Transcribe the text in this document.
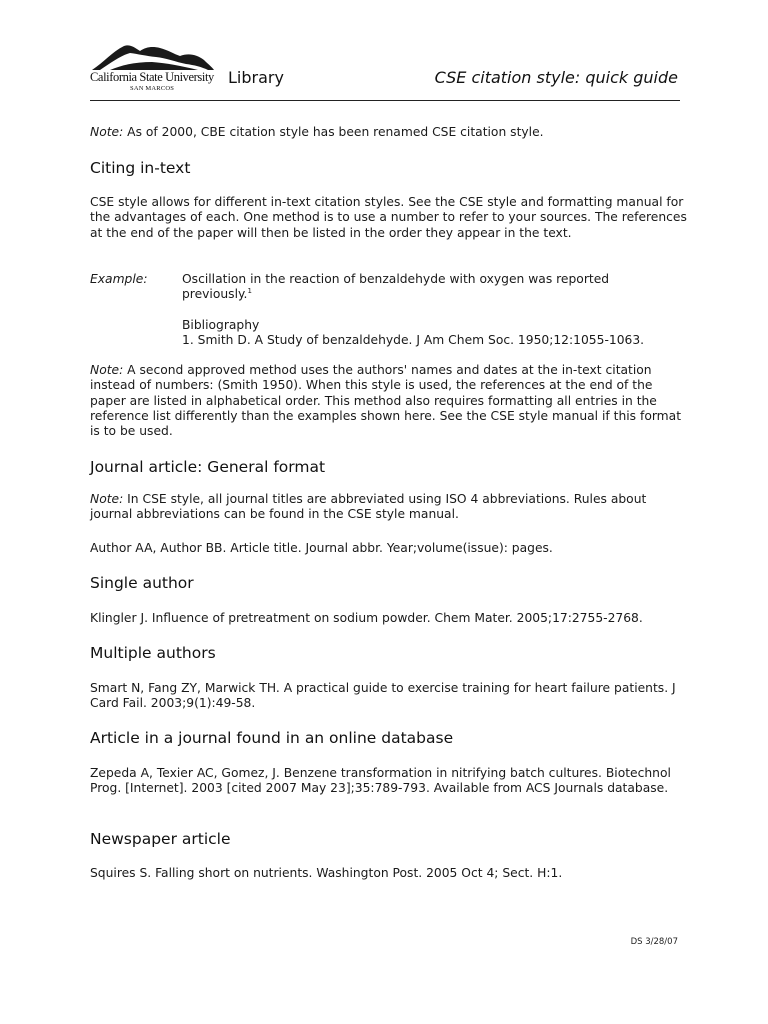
California State University
SAN MARCOS
Library	CSE citation style: quick guide

Note: As of 2000, CBE citation style has been renamed CSE citation style.

Citing in-text

CSE style allows for different in-text citation styles. See the CSE style and formatting manual for the advantages of each. One method is to use a number to refer to your sources. The references at the end of the paper will then be listed in the order they appear in the text.

Example:	Oscillation in the reaction of benzaldehyde with oxygen was reported previously.$^1$

Bibliography

1. Smith D. A Study of benzaldehyde. J Am Chem Soc. 1950;12:1055-1063.

Note: A second approved method uses the authors' names and dates at the in-text citation instead of numbers: (Smith 1950). When this style is used, the references at the end of the paper are listed in alphabetical order. This method also requires formatting all entries in the reference list differently than the examples shown here. See the CSE style manual if this format is to be used.

Journal article: General format

Note: In CSE style, all journal titles are abbreviated using ISO 4 abbreviations. Rules about journal abbreviations can be found in the CSE style manual.

Author AA, Author BB. Article title. Journal abbr. Year;volume(issue): pages.

Single author

Klingler J. Influence of pretreatment on sodium powder. Chem Mater. 2005;17:2755-2768.

Multiple authors

Smart N, Fang ZY, Marwick TH. A practical guide to exercise training for heart failure patients. J Card Fail. 2003;9(1):49-58.

Article in a journal found in an online database

Zepeda A, Texier AC, Gomez, J. Benzene transformation in nitrifying batch cultures. Biotechnol Prog. [Internet]. 2003 [cited 2007 May 23];35:789-793. Available from ACS Journals database.

Newspaper article

Squires S. Falling short on nutrients. Washington Post. 2005 Oct 4; Sect. H:1.

DS 3/28/07
